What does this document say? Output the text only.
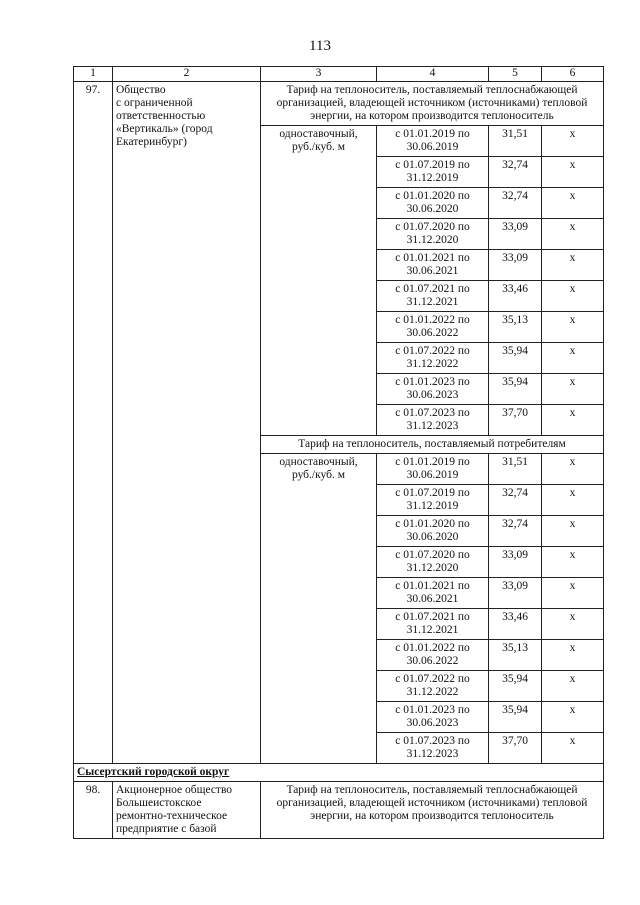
113
1	2	3	4	5	6
97.	Общество
с ограниченной
ответственностью
«Вертикаль» (город
Екатеринбург)	Тариф на теплоноситель, поставляемый теплоснабжающей организацией, владеющей источником (источниками) тепловой энергии, на котором производится теплоноситель			
		одноставочный,
руб./куб. м	с 01.01.2019 по
30.06.2019	31,51	x
			с 01.07.2019 по
31.12.2019	32,74	x
			с 01.01.2020 по
30.06.2020	32,74	x
			с 01.07.2020 по
31.12.2020	33,09	x
			с 01.01.2021 по
30.06.2021	33,09	x
			с 01.07.2021 по
31.12.2021	33,46	x
			с 01.01.2022 по
30.06.2022	35,13	x
			с 01.07.2022 по
31.12.2022	35,94	x
			с 01.01.2023 по
30.06.2023	35,94	x
			с 01.07.2023 по
31.12.2023	37,70	x
		Тариф на теплоноситель, поставляемый потребителям			
		одноставочный,
руб./куб. м	с 01.01.2019 по
30.06.2019	31,51	x
			с 01.07.2019 по
31.12.2019	32,74	x
			с 01.01.2020 по
30.06.2020	32,74	x
			с 01.07.2020 по
31.12.2020	33,09	x
			с 01.01.2021 по
30.06.2021	33,09	x
			с 01.07.2021 по
31.12.2021	33,46	x
			с 01.01.2022 по
30.06.2022	35,13	x
			с 01.07.2022 по
31.12.2022	35,94	x
			с 01.01.2023 по
30.06.2023	35,94	x
			с 01.07.2023 по
31.12.2023	37,70	x
Сысертский городской округ					
98.	Акционерное общество
Большеистокское
ремонтно-техническое
предприятие с базой	Тариф на теплоноситель, поставляемый теплоснабжающей организацией, владеющей источником (источниками) тепловой энергии, на котором производится теплоноситель			
